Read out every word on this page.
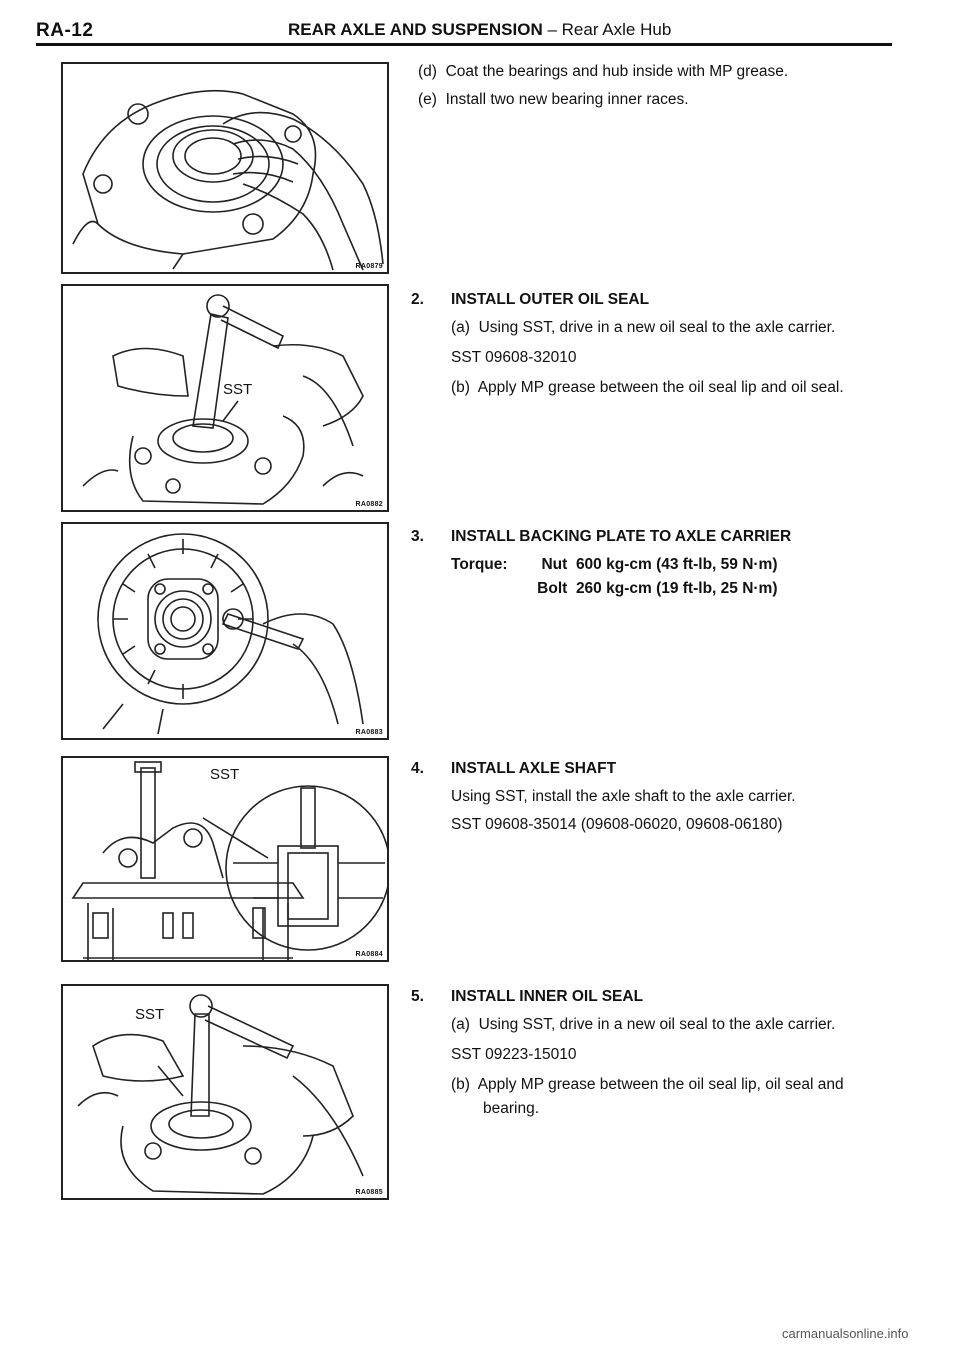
RA-12	REAR AXLE AND SUSPENSION – Rear Axle Hub
RA0879
SST
RA0882
RA0883
SST
RA0884
SST
RA0885
(d) Coat the bearings and hub inside with MP grease.
(e) Install two new bearing inner races.
2. INSTALL OUTER OIL SEAL
(a) Using SST, drive in a new oil seal to the axle carrier.
SST 09608-32010
(b) Apply MP grease between the oil seal lip and oil seal.
3. INSTALL BACKING PLATE TO AXLE CARRIER
Torque: Nut 600 kg-cm (43 ft-lb, 59 N·m)
Bolt 260 kg-cm (19 ft-lb, 25 N·m)
4. INSTALL AXLE SHAFT
Using SST, install the axle shaft to the axle carrier.
SST 09608-35014 (09608-06020, 09608-06180)
5. INSTALL INNER OIL SEAL
(a) Using SST, drive in a new oil seal to the axle carrier.
SST 09223-15010
(b) Apply MP grease between the oil seal lip, oil seal and bearing.
carmanualsonline.info
